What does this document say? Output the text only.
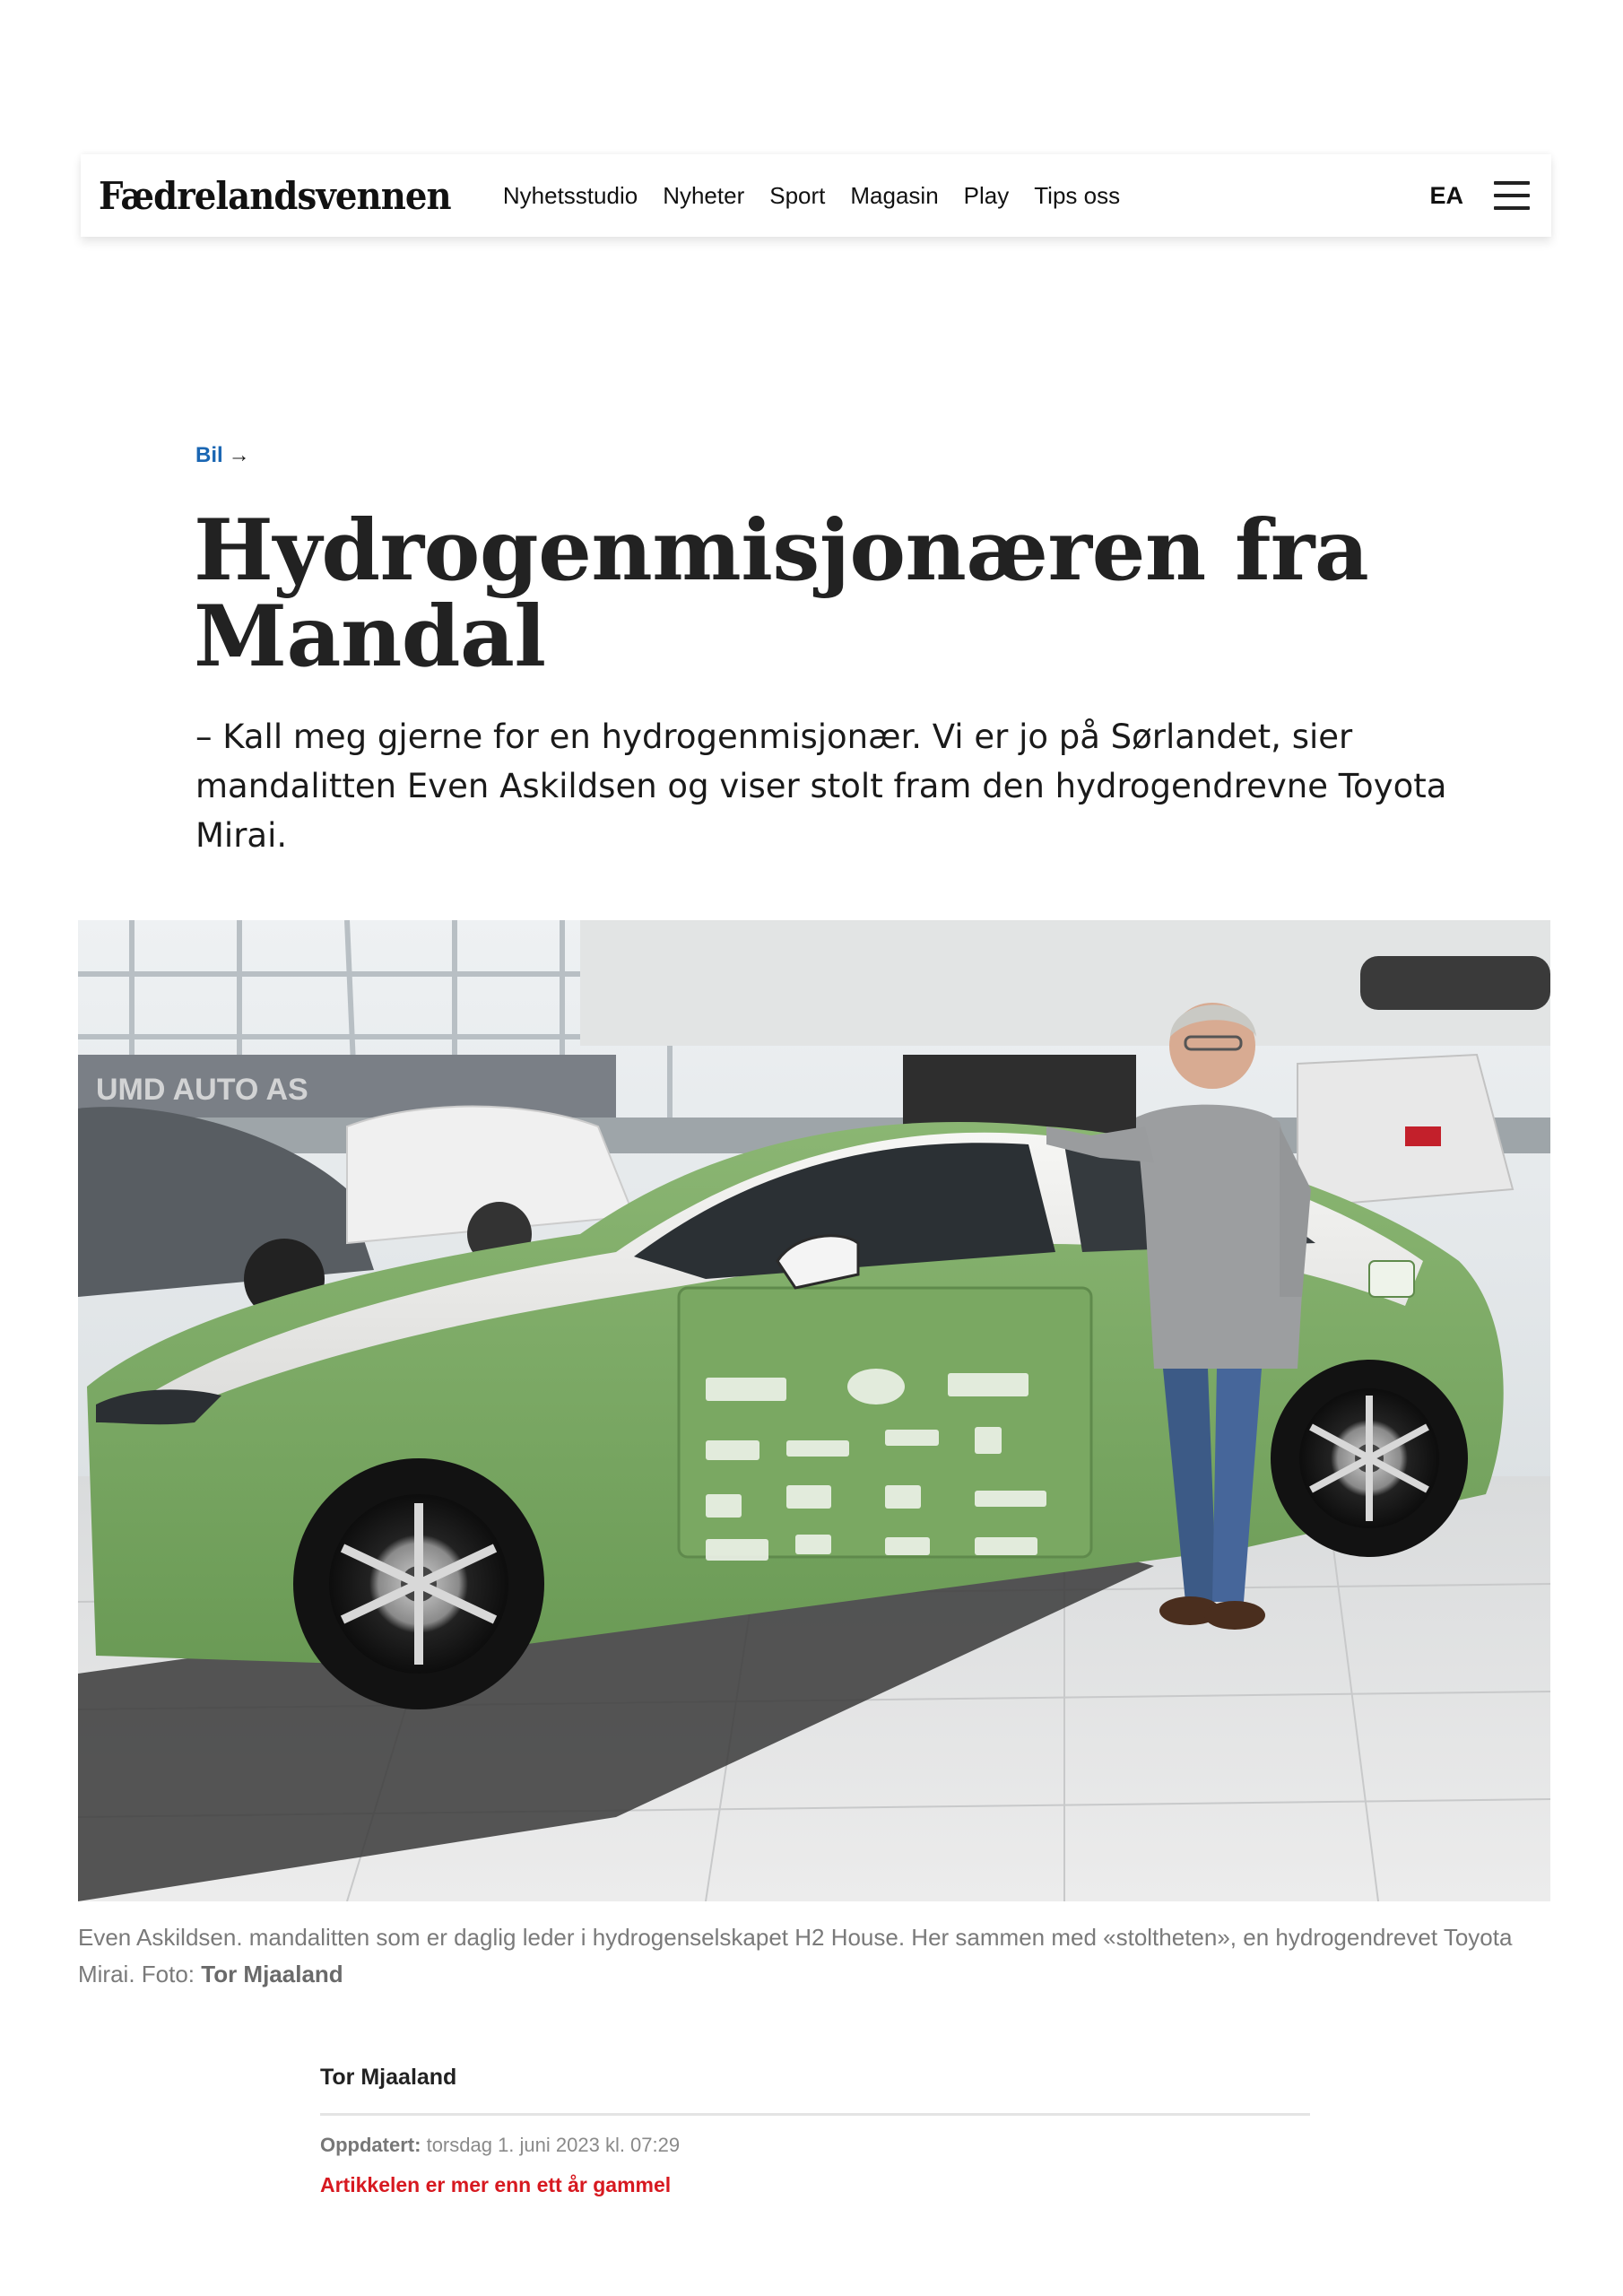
Fædrelandsvennen Nyhetsstudio Nyheter Sport Magasin Play Tips oss	EA
Bil →
Hydrogenmisjonæren fra Mandal

– Kall meg gjerne for en hydrogenmisjonær. Vi er jo på Sørlandet, sier mandalitten Even Askildsen og viser stolt fram den hydrogendrevne Toyota Mirai.

UMD AUTO AS

Even Askildsen. mandalitten som er daglig leder i hydrogenselskapet H2 House. Her sammen med «stoltheten», en hydrogendrevet Toyota Mirai. Foto: Tor Mjaaland

Tor Mjaaland
Oppdatert: torsdag 1. juni 2023 kl. 07:29
Artikkelen er mer enn ett år gammel
